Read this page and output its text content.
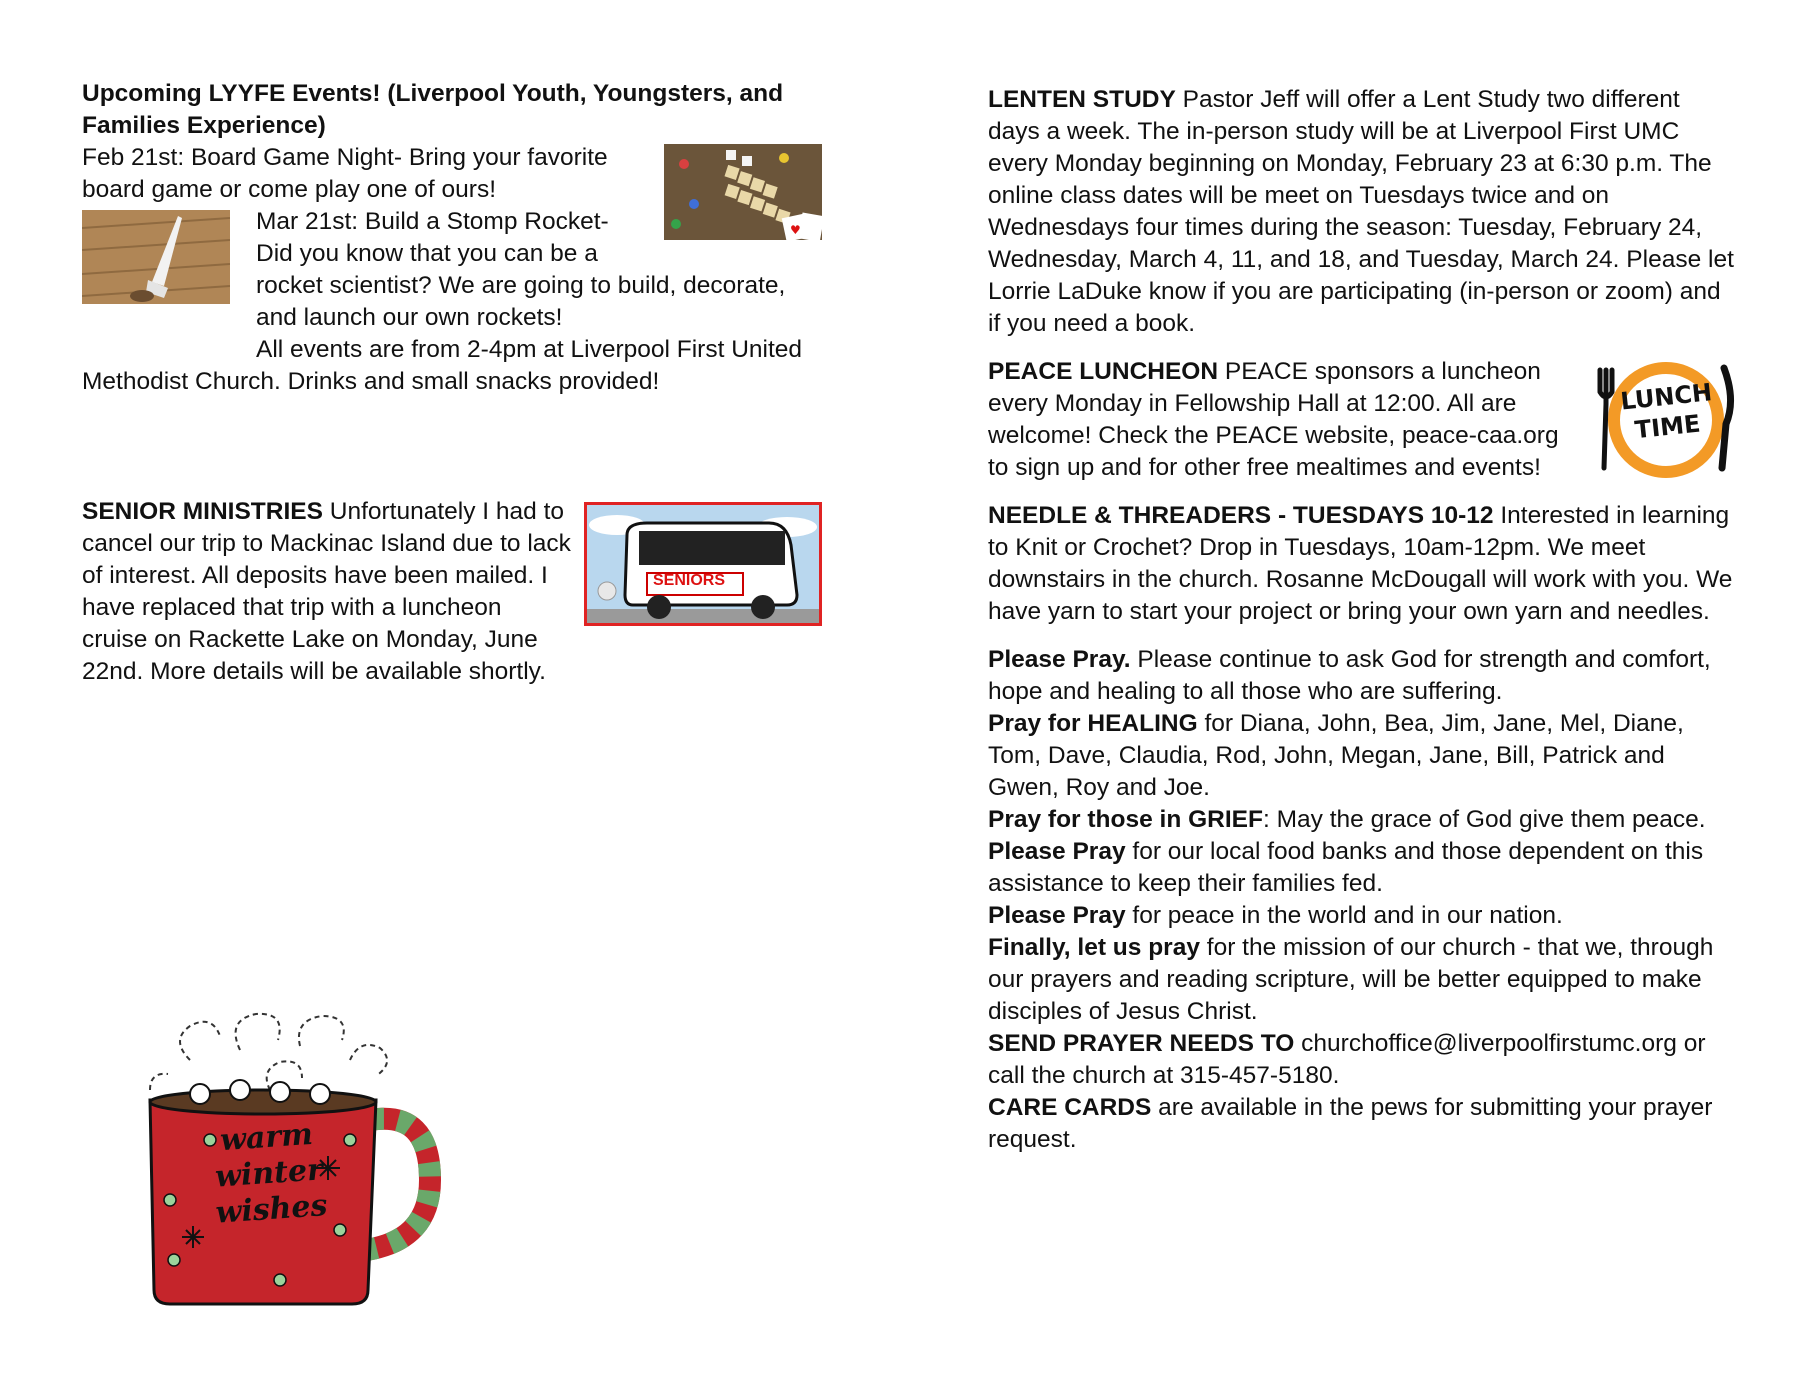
Upcoming LYYFE Events! (Liverpool Youth, Youngsters, and Families Experience)

♥

Feb 21st: Board Game Night- Bring your favorite board game or come play one of ours!

Mar 21st: Build a Stomp Rocket- Did you know that you can be a rocket scientist? We are going to build, decorate, and launch our own rockets!

All events are from 2-4pm at Liverpool First United Methodist Church. Drinks and small snacks provided!

SENIORS

SENIOR MINISTRIES Unfortunately I had to cancel our trip to Mackinac Island due to lack of interest. All deposits have been mailed. I have replaced that trip with a luncheon cruise on Rackette Lake on Monday, June 22nd. More details will be available shortly.

warm
winter
wishes

LENTEN STUDY Pastor Jeff will offer a Lent Study two different days a week. The in-person study will be at Liverpool First UMC every Monday beginning on Monday, February 23 at 6:30 p.m. The online class dates will be meet on Tuesdays twice and on Wednesdays four times during the season: Tuesday, February 24, Wednesday, March 4, 11, and 18, and Tuesday, March 24. Please let Lorrie LaDuke know if you are participating (in-person or zoom) and if you need a book.

LUNCH
TIME

PEACE LUNCHEON PEACE sponsors a luncheon every Monday in Fellowship Hall at 12:00. All are welcome! Check the PEACE website, peace-caa.org to sign up and for other free mealtimes and events!

NEEDLE & THREADERS - TUESDAYS 10-12 Interested in learning to Knit or Crochet? Drop in Tuesdays, 10am-12pm. We meet downstairs in the church. Rosanne McDougall will work with you. We have yarn to start your project or bring your own yarn and needles.

Please Pray. Please continue to ask God for strength and comfort, hope and healing to all those who are suffering.

Pray for HEALING for Diana, John, Bea, Jim, Jane, Mel, Diane, Tom, Dave, Claudia, Rod, John, Megan, Jane, Bill, Patrick and Gwen, Roy and Joe.

Pray for those in GRIEF: May the grace of God give them peace.

Please Pray for our local food banks and those dependent on this assistance to keep their families fed.

Please Pray for peace in the world and in our nation.

Finally, let us pray for the mission of our church - that we, through our prayers and reading scripture, will be better equipped to make disciples of Jesus Christ.

SEND PRAYER NEEDS TO churchoffice@liverpoolfirstumc.org or call the church at 315-457-5180.

CARE CARDS are available in the pews for submitting your prayer request.
